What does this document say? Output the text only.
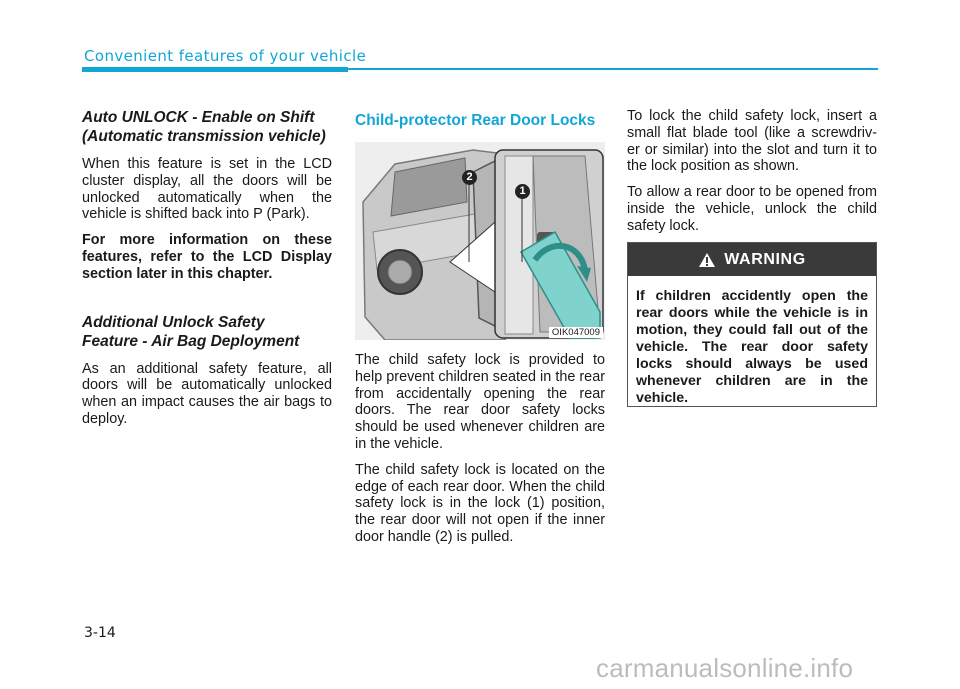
Convenient features of your vehicle
Auto UNLOCK - Enable on Shift
(Automatic transmission vehicle)

When this feature is set in the LCD cluster display, all the doors will be unlocked automatically when the vehicle is shifted back into P (Park).

For more information on these features, refer to the LCD Display section later in this chapter.

Additional Unlock Safety
Feature - Air Bag Deployment

As an additional safety feature, all doors will be automatically unlocked when an impact causes the air bags to deploy.

Child-protector Rear Door Locks
1
2
OIK047009

The child safety lock is provided to help prevent children seated in the rear from accidentally opening the rear doors. The rear door safety locks should be used whenever children are in the vehicle.

The child safety lock is located on the edge of each rear door. When the child safety lock is in the lock (1) position, the rear door will not open if the inner door handle (2) is pulled.

To lock the child safety lock, insert a small flat blade tool (like a screwdriv- er or similar) into the slot and turn it to the lock position as shown.

To allow a rear door to be opened from inside the vehicle, unlock the child safety lock.

WARNING
If children accidently open the rear doors while the vehicle is in motion, they could fall out of the vehicle. The rear door safety locks should always be used whenever children are in the vehicle.
3-14
carmanualsonline.info
